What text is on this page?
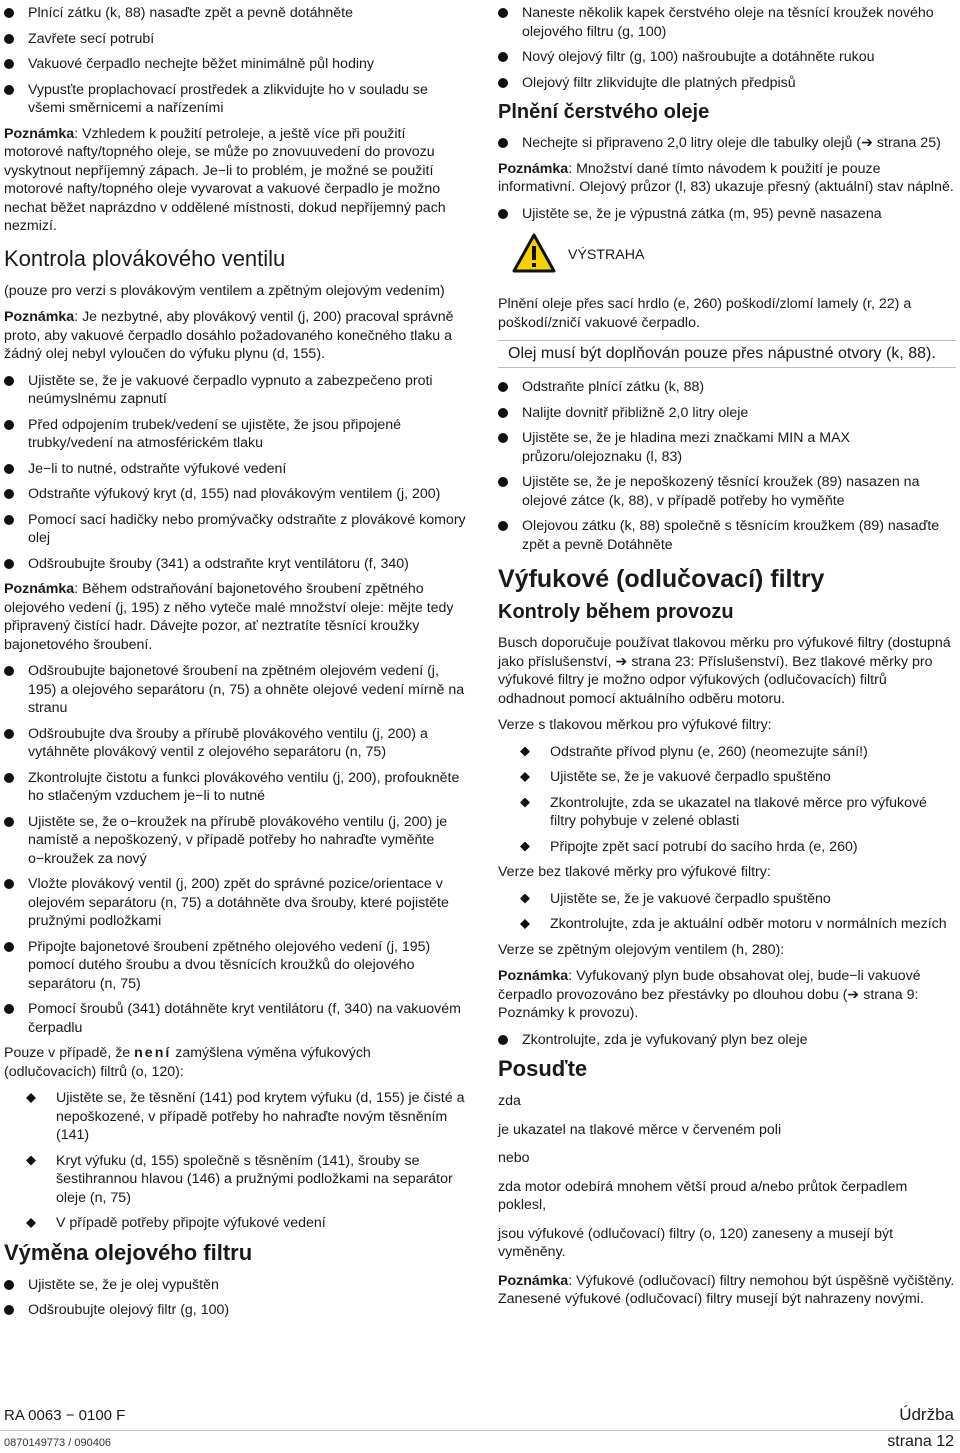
Plnící zátku (k, 88) nasaďte zpět a pevně dotáhněte
Zavřete secí potrubí
Vakuové čerpadlo nechejte běžet minimálně půl hodiny
Vypusťte proplachovací prostředek a zlikvidujte ho v souladu se všemi směrnicemi a nařízeními
Poznámka: Vzhledem k použití petroleje, a ještě více při použití motorové nafty/topného oleje, se může po znovuuvedení do provozu vyskytnout nepříjemný zápach. Je−li to problém, je možné se použití motorové nafty/topného oleje vyvarovat a vakuové čerpadlo je možno nechat běžet naprázdno v oddělené místnosti, dokud nepříjemný pach nezmizí.
Kontrola plovákového ventilu

(pouze pro verzi s plovákovým ventilem a zpětným olejovým vedením)

Poznámka: Je nezbytné, aby plovákový ventil (j, 200) pracoval správně proto, aby vakuové čerpadlo dosáhlo požadovaného konečného tlaku a žádný olej nebyl vyloučen do výfuku plynu (d, 155).
Ujistěte se, že je vakuové čerpadlo vypnuto a zabezpečeno proti neúmyslnému zapnutí
Před odpojením trubek/vedení se ujistěte, že jsou připojené trubky/vedení na atmosférickém tlaku
Je−li to nutné, odstraňte výfukové vedení
Odstraňte výfukový kryt (d, 155) nad plovákovým ventilem (j, 200)
Pomocí sací hadičky nebo promývačky odstraňte z plovákové komory olej
Odšroubujte šrouby (341) a odstraňte kryt ventilátoru (f, 340)
Poznámka: Během odstraňování bajonetového šroubení zpětného olejového vedení (j, 195) z něho vyteče malé množství oleje: mějte tedy připravený čistící hadr. Dávejte pozor, ať neztratíte těsnící kroužky bajonetového šroubení.
Odšroubujte bajonetové šroubení na zpětném olejovém vedení (j, 195) a olejového separátoru (n, 75) a ohněte olejové vedení mírně na stranu
Odšroubujte dva šrouby a přírubě plovákového ventilu (j, 200) a vytáhněte plovákový ventil z olejového separátoru (n, 75)
Zkontrolujte čistotu a funkci plovákového ventilu (j, 200), profoukněte ho stlačeným vzduchem je−li to nutné
Ujistěte se, že o−kroužek na přírubě plovákového ventilu (j, 200) je namístě a nepoškozený, v případě potřeby ho nahraďte vyměňte o−kroužek za nový
Vložte plovákový ventil (j, 200) zpět do správné pozice/orientace v olejovém separátoru (n, 75) a dotáhněte dva šrouby, které pojistěte pružnými podložkami
Připojte bajonetové šroubení zpětného olejového vedení (j, 195) pomocí dutého šroubu a dvou těsnících kroužků do olejového separátoru (n, 75)
Pomocí šroubů (341) dotáhněte kryt ventilátoru (f, 340) na vakuovém čerpadlu

Pouze v případě, že není zamýšlena výměna výfukových (odlučovacích) filtrů (o, 120):

Ujistěte se, že těsnění (141) pod krytem výfuku (d, 155) je čisté a nepoškozené, v případě potřeby ho nahraďte novým těsněním (141)
Kryt výfuku (d, 155) společně s těsněním (141), šrouby se šestihrannou hlavou (146) a pružnými podložkami na separátor oleje (n, 75)
V případě potřeby připojte výfukové vedení
Výměna olejového filtru
Ujistěte se, že je olej vypuštěn
Odšroubujte olejový filtr (g, 100)
Naneste několik kapek čerstvého oleje na těsnící kroužek nového olejového filtru (g, 100)
Nový olejový filtr (g, 100) našroubujte a dotáhněte rukou
Olejový filtr zlikvidujte dle platných předpisů
Plnění čerstvého oleje
Nechejte si připraveno 2,0 litry oleje dle tabulky olejů (➔ strana 25)
Poznámka: Množství dané tímto návodem k použití je pouze informativní. Olejový průzor (l, 83) ukazuje přesný (aktuální) stav náplně.
Ujistěte se, že je výpustná zátka (m, 95) pevně nasazena
VÝSTRAHA

Plnění oleje přes sací hrdlo (e, 260) poškodí/zlomí lamely (r, 22) a poškodí/zničí vakuové čerpadlo.

Olej musí být doplňován pouze přes nápustné otvory (k, 88).
Odstraňte plnící zátku (k, 88)
Nalijte dovnitř přibližně 2,0 litry oleje
Ujistěte se, že je hladina mezi značkami MIN a MAX průzoru/olejoznaku (l, 83)
Ujistěte se, že je nepoškozený těsnící kroužek (89) nasazen na olejové zátce (k, 88), v případě potřeby ho vyměňte
Olejovou zátku (k, 88) společně s těsnícím kroužkem (89) nasaďte zpět a pevně Dotáhněte
Výfukové (odlučovací) filtry
Kontroly během provozu

Busch doporučuje používat tlakovou měrku pro výfukové filtry (dostupná jako příslušenství, ➔ strana 23: Příslušenství). Bez tlakové měrky pro výfukové filtry je možno odpor výfukových (odlučovacích) filtrů odhadnout pomocí aktuálního odběru motoru.

Verze s tlakovou měrkou pro výfukové filtry:

Odstraňte přívod plynu (e, 260) (neomezujte sání!)
Ujistěte se, že je vakuové čerpadlo spuštěno
Zkontrolujte, zda se ukazatel na tlakové měrce pro výfukové filtry pohybuje v zelené oblasti
Připojte zpět sací potrubí do sacího hrda (e, 260)

Verze bez tlakové měrky pro výfukové filtry:

Ujistěte se, že je vakuové čerpadlo spuštěno
Zkontrolujte, zda je aktuální odběr motoru v normálních mezích

Verze se zpětným olejovým ventilem (h, 280):

Poznámka: Vyfukovaný plyn bude obsahovat olej, bude−li vakuové čerpadlo provozováno bez přestávky po dlouhou dobu (➔ strana 9: Poznámky k provozu).
Zkontrolujte, zda je vyfukovaný plyn bez oleje
Posuďte

zda

je ukazatel na tlakové měrce v červeném poli

nebo

zda motor odebírá mnohem větší proud a/nebo průtok čerpadlem poklesl,

jsou výfukové (odlučovací) filtry (o, 120) zaneseny a musejí být vyměněny.

Poznámka: Výfukové (odlučovací) filtry nemohou být úspěšně vyčištěny. Zanesené výfukové (odlučovací) filtry musejí být nahrazeny novými.
RA 0063 − 0100 F	Údržba
0870149773 / 090406	strana 12
